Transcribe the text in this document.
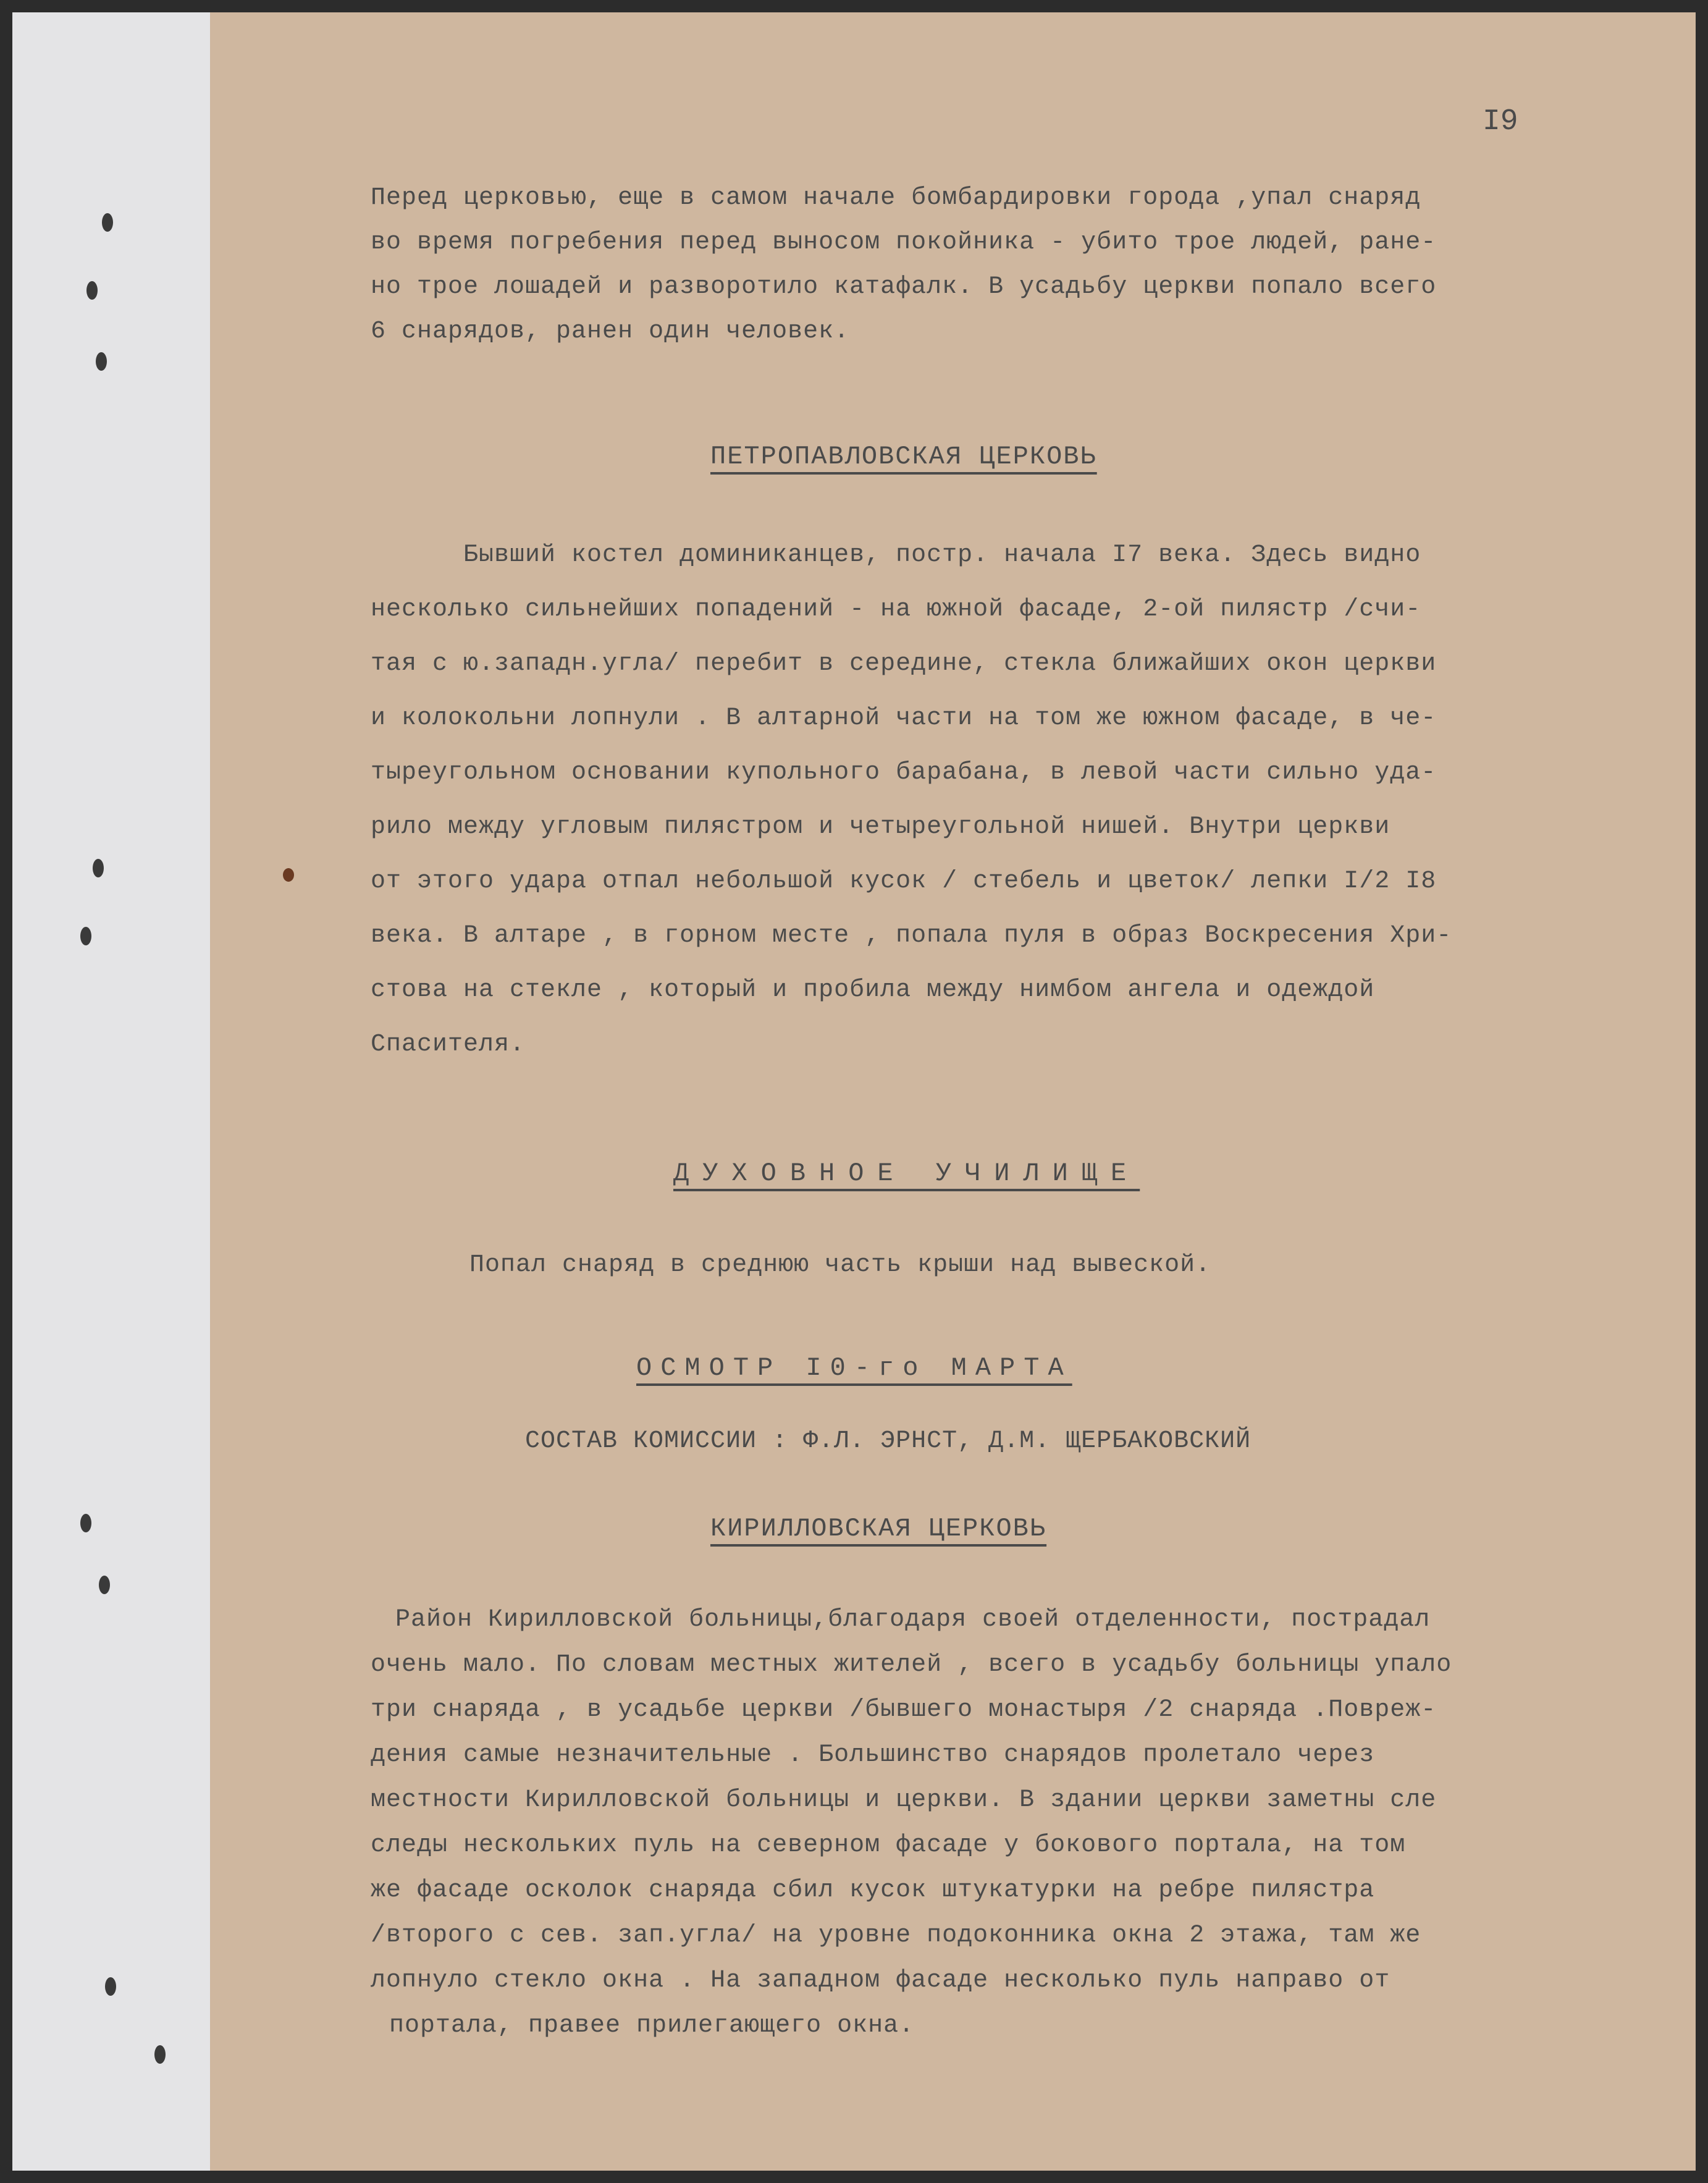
I9

Перед церковью, еще в самом начале бомбардировки города ,упал снаряд

во время погребения перед выносом покойника - убито трое людей, ране-

но трое лошадей и разворотило катафалк. В усадьбу церкви попало всего

6 снарядов, ранен один человек.

ПЕТРОПАВЛОВСКАЯ ЦЕРКОВЬ

Бывший костел доминиканцев, постр. начала I7 века. Здесь видно

несколько сильнейших попадений - на южной фасаде, 2-ой пиляcтр /счи-

тая с ю.западн.угла/ перебит в середине, стекла ближайших окон церкви

и колокольни лопнули . В алтарной части на том же южном фасаде, в че-

тыреугольном основании купольного барабана, в левой части сильно уда-

рило между угловым пилястром и четыреугольной нишей. Внутри церкви

от этого удара отпал небольшой кусок / стебель и цветок/ лепки I/2 I8

века. В алтаре , в горном месте , попала пуля в образ Воскресения Хри-

стова на стекле , который и пробила между нимбом ангела и одеждой

Спасителя.

ДУХОВНОЕ УЧИЛИЩЕ
Попал снаряд в среднюю часть крыши над вывеской.
ОСМОТР I0-го МАРТА
СОСТАВ КОМИССИИ : Ф.Л. ЭРНСТ, Д.М. ЩЕРБАКОВСКИЙ
КИРИЛЛОВСКАЯ ЦЕРКОВЬ

Район Кирилловской больницы,благодаря своей отделенности, пострадал

очень мало. По словам местных жителей , всего в усадьбу больницы упало

три снаряда , в усадьбе церкви /бывшего монастыря /2 снаряда .Повреж-

дения самые незначительные . Большинство снарядов пролетало через

местности Кирилловской больницы и церкви. В здании церкви заметны сле

следы нескольких пуль на северном фасаде у бокового портала, на том

же фасаде осколок снаряда сбил кусок штукатурки на ребре пилястра

/второго с сев. зап.угла/ на уровне подоконника окна 2 этажа, там же

лопнуло стекло окна . На западном фасаде несколько пуль направо от

портала, правее прилегающего окна.
